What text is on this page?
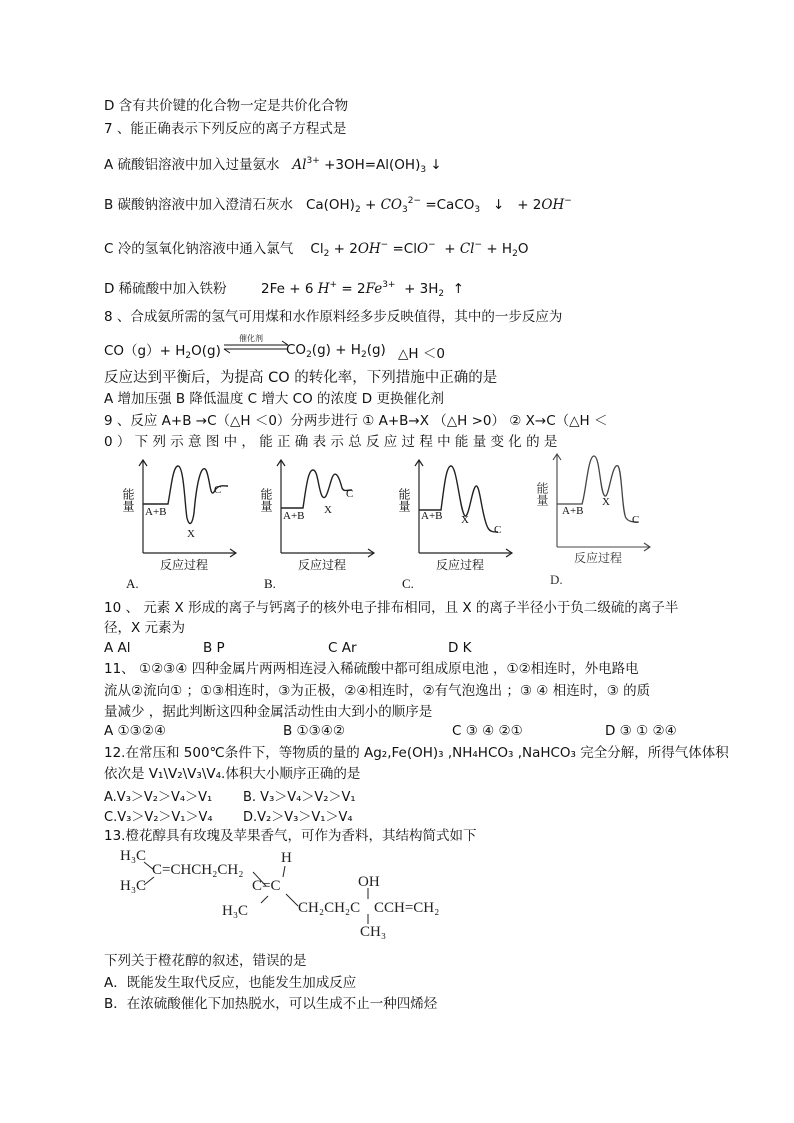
D 含有共价键的化合物一定是共价化合物
7 、能正确表示下列反应的离子方程式是
A 硫酸铝溶液中加入过量氨水 $Al^{3+} +3OH=Al(OH)_3$ ↓
B 碳酸钠溶液中加入澄清石灰水 $Ca(OH)_2 + CO_3^{2-}$ =CaCO$_3$ ↓ + 2OH−
C 冷的氢氧化钠溶液中通入氯气 $Cl_2 + 2OH^- =ClO^- + Cl^- + H_2O$
D 稀硫酸中加入铁粉	2Fe + 6 $H^+ = 2Fe^{3+} + 3H_2$ ↑
8 、合成氨所需的氢气可用煤和水作原料经多步反映值得，其中的一步反应为
$CO(g)+ H_2O(g)$
催化剂
$CO_2(g) + H_2(g)$ △H ＜0
反应达到平衡后，为提高 CO 的转化率，下列措施中正确的是
A 增加压强 B 降低温度 C 增大 CO 的浓度 D 更换催化剂
9 、反应 A+B →C（△H ＜0）分两步进行 ① A+B→X （△H >0） ② X→C（△H ＜
0 ） 下 列 示 意 图 中 ， 能 正 确 表 示 总 反 应 过 程 中 能 量 变 化 的 是
能量 A+B
X
C
反应过程
A.
能量
A+B X
C
反应过程
B.
能量
A+B X
C
反应过程
C.
能量
A+B
X
C
反应过程
D.
10 、 元素 X 形成的离子与钙离子的核外电子排布相同，且 X 的离子半径小于负二级硫的离子半
径，X 元素为
A Al	B P	C Ar	D K
11、 ①②③④ 四种金属片两两相连浸入稀硫酸中都可组成原电池 ，①②相连时，外电路电
流从②流向① ；①③相连时，③为正极，②④相连时，②有气泡逸出 ；③ ④ 相连时，③ 的质
量减少 ，据此判断这四种金属活动性由大到小的顺序是
A ①③②④	B ①③④②	C ③ ④ ②①	D ③ ① ②④
12.在常压和 500℃条件下，等物质的量的 Ag₂,Fe(OH)₃ ,NH₄HCO₃ ,NaHCO₃ 完全分解，所得气体体积
依次是 V₁\V₂\V₃\V₄.体积大小顺序正确的是
A.V₃＞V₂＞V₄＞V₁ B. V₃＞V₄＞V₂＞V₁
C.V₃＞V₂＞V₁＞V₄ D.V₂＞V₃＞V₁＞V₄
13.橙花醇具有玫瑰及苹果香气，可作为香料，其结构简式如下
H₃C
C=CHCH₂CH₂
H₃C
H
C=C
H₃C
OH
CH₂CH₂C CCH=CH₂
CH₃
下列关于橙花醇的叙述，错误的是
A．既能发生取代反应，也能发生加成反应
B．在浓硫酸催化下加热脱水，可以生成不止一种四烯烃
